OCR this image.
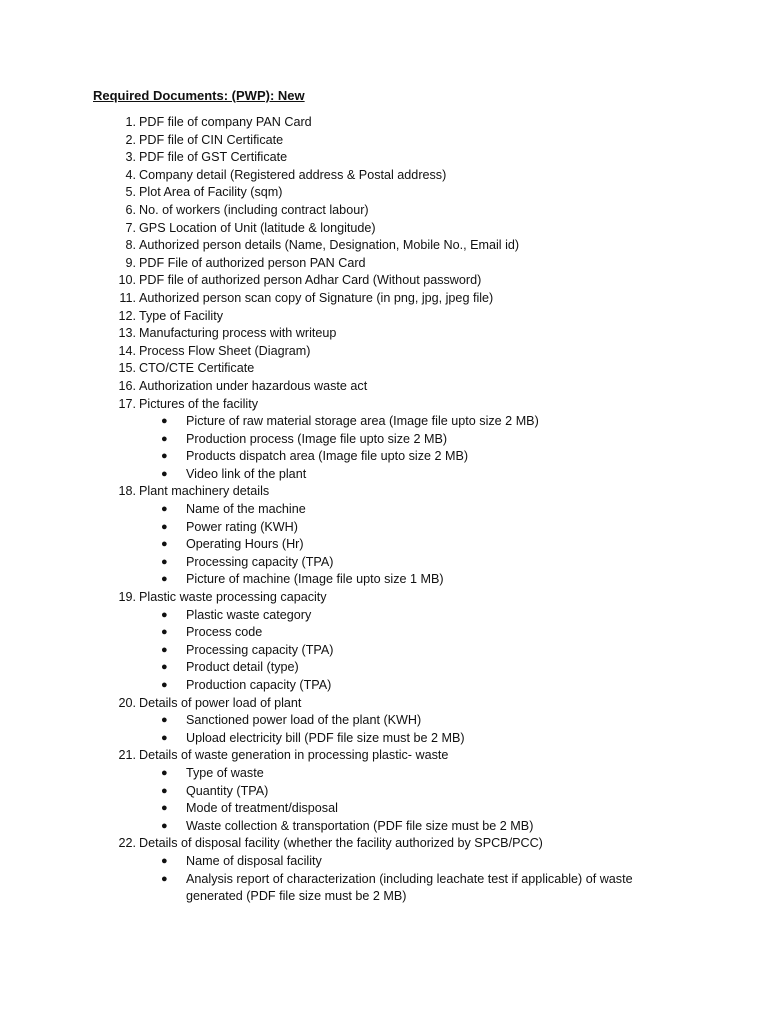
Required Documents: (PWP): New
1. PDF file of company PAN Card
2. PDF file of CIN Certificate
3. PDF file of GST Certificate
4. Company detail (Registered address & Postal address)
5. Plot Area of Facility (sqm)
6. No. of workers (including contract labour)
7. GPS Location of Unit (latitude & longitude)
8. Authorized person details (Name, Designation, Mobile No., Email id)
9. PDF File of authorized person PAN Card
10. PDF file of authorized person Adhar Card (Without password)
11. Authorized person scan copy of Signature (in png, jpg, jpeg file)
12. Type of Facility
13. Manufacturing process with writeup
14. Process Flow Sheet (Diagram)
15. CTO/CTE Certificate
16. Authorization under hazardous waste act
17. Pictures of the facility
● Picture of raw material storage area (Image file upto size 2 MB)
● Production process (Image file upto size 2 MB)
● Products dispatch area (Image file upto size 2 MB)
● Video link of the plant
18. Plant machinery details
● Name of the machine
● Power rating (KWH)
● Operating Hours (Hr)
● Processing capacity (TPA)
● Picture of machine (Image file upto size 1 MB)
19. Plastic waste processing capacity
● Plastic waste category
● Process code
● Processing capacity (TPA)
● Product detail (type)
● Production capacity (TPA)
20. Details of power load of plant
● Sanctioned power load of the plant (KWH)
● Upload electricity bill (PDF file size must be 2 MB)
21. Details of waste generation in processing plastic- waste
● Type of waste
● Quantity (TPA)
● Mode of treatment/disposal
● Waste collection & transportation (PDF file size must be 2 MB)
22. Details of disposal facility (whether the facility authorized by SPCB/PCC)
● Name of disposal facility
● Analysis report of characterization (including leachate test if applicable) of waste generated (PDF file size must be 2 MB)
